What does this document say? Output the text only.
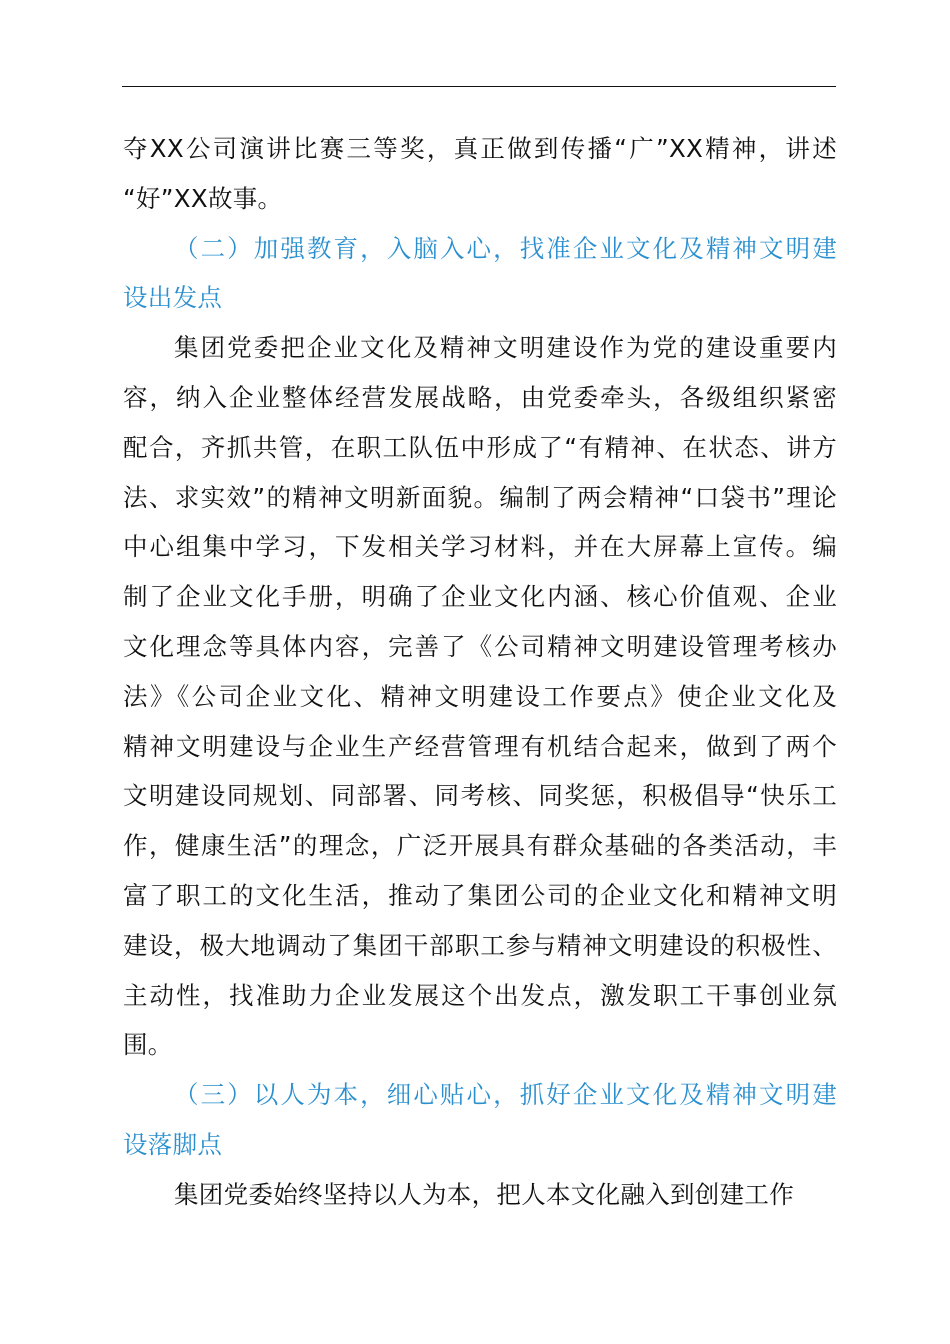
夺XX公司演讲比赛三等奖，真正做到传播“广”XX精神，讲述
“好”XX故事。
（二）加强教育，入脑入心，找准企业文化及精神文明建
设出发点
集团党委把企业文化及精神文明建设作为党的建设重要内
容，纳入企业整体经营发展战略，由党委牵头，各级组织紧密
配合，齐抓共管，在职工队伍中形成了“有精神、在状态、讲方
法、求实效”的精神文明新面貌。编制了两会精神“口袋书”理论
中心组集中学习，下发相关学习材料，并在大屏幕上宣传。编
制了企业文化手册，明确了企业文化内涵、核心价值观、企业
文化理念等具体内容，完善了《公司精神文明建设管理考核办
法》《公司企业文化、精神文明建设工作要点》使企业文化及
精神文明建设与企业生产经营管理有机结合起来，做到了两个
文明建设同规划、同部署、同考核、同奖惩，积极倡导“快乐工
作，健康生活”的理念，广泛开展具有群众基础的各类活动，丰
富了职工的文化生活，推动了集团公司的企业文化和精神文明
建设，极大地调动了集团干部职工参与精神文明建设的积极性、
主动性，找准助力企业发展这个出发点，激发职工干事创业氛
围。
（三）以人为本，细心贴心，抓好企业文化及精神文明建
设落脚点
集团党委始终坚持以人为本，把人本文化融入到创建工作
